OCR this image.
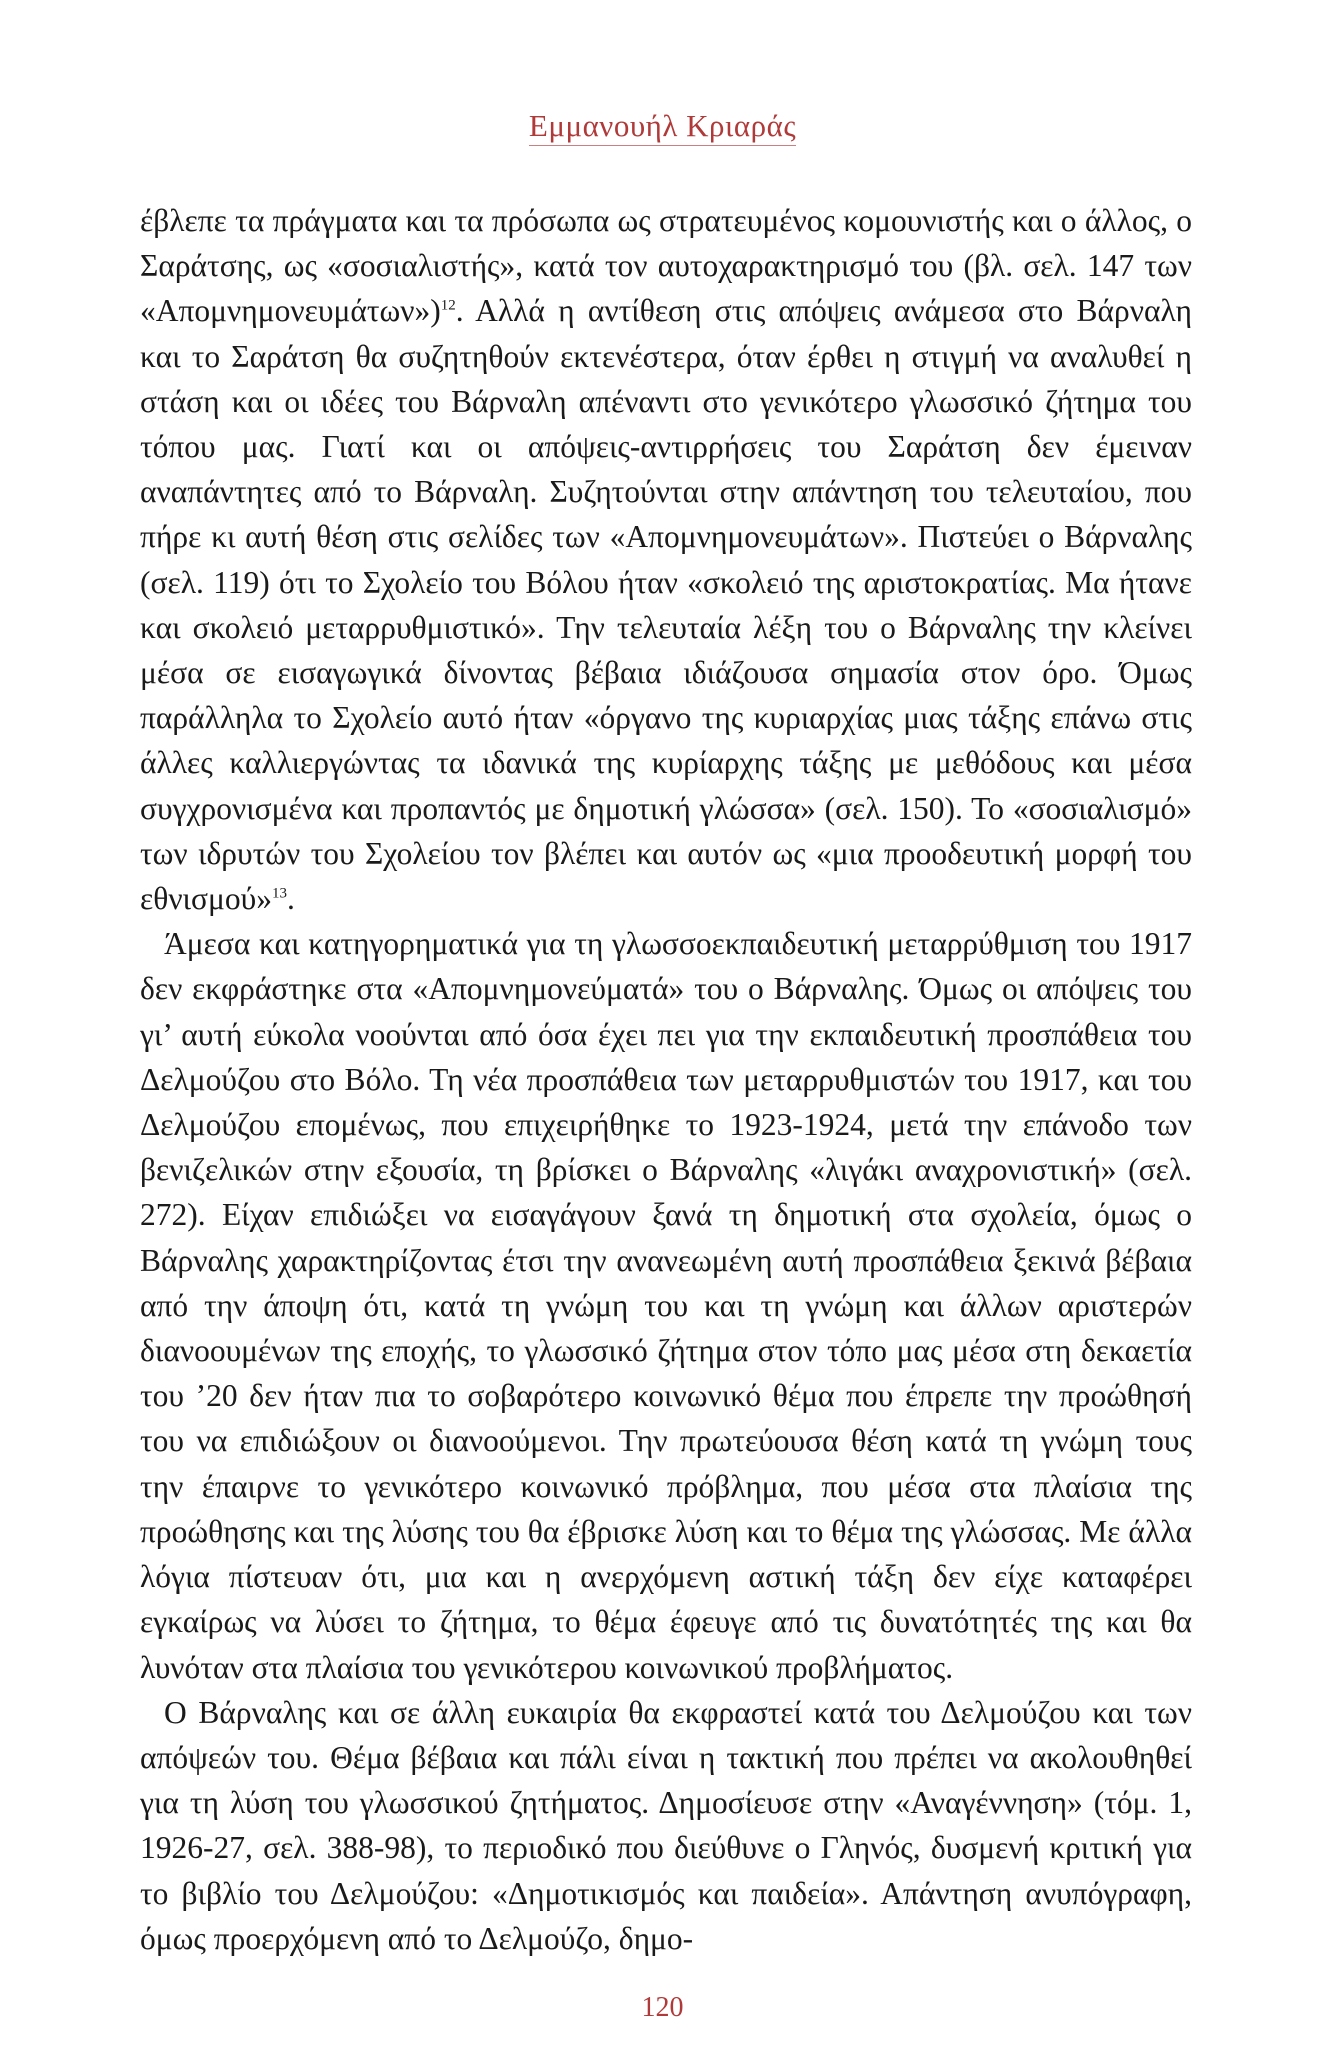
Εμμανουήλ Κριαράς

έβλεπε τα πράγματα και τα πρόσωπα ως στρατευμένος κομουνιστής και ο άλλος, ο Σαράτσης, ως «σοσιαλιστής», κατά τον αυτοχαρακτηρισμό του (βλ. σελ. 147 των «Απομνημονευμάτων»)$^{12}$. Αλλά η αντίθεση στις απόψεις ανάμεσα στο Βάρναλη και το Σαράτση θα συζητηθούν εκτενέστερα, όταν έρθει η στιγμή να αναλυθεί η στάση και οι ιδέες του Βάρναλη απέναντι στο γενικότερο γλωσσικό ζήτημα του τόπου μας. Γιατί και οι απόψεις-αντιρρήσεις του Σαράτση δεν έμειναν αναπάντητες από το Βάρναλη. Συζητούνται στην απάντηση του τελευταίου, που πήρε κι αυτή θέση στις σελίδες των «Απομνημονευμάτων». Πιστεύει ο Βάρναλης (σελ. 119) ότι το Σχολείο του Βόλου ήταν «σκολειό της αριστοκρατίας. Μα ήτανε και σκολειό μεταρρυθμιστικό». Την τελευταία λέξη του ο Βάρναλης την κλείνει μέσα σε εισαγωγικά δίνοντας βέβαια ιδιάζουσα σημασία στον όρο. Όμως παράλληλα το Σχολείο αυτό ήταν «όργανο της κυριαρχίας μιας τάξης επάνω στις άλλες καλλιεργώντας τα ιδανικά της κυρίαρχης τάξης με μεθόδους και μέσα συγχρονισμένα και προπαντός με δημοτική γλώσσα» (σελ. 150). Το «σοσιαλισμό» των ιδρυτών του Σχολείου τον βλέπει και αυτόν ως «μια προοδευτική μορφή του εθνισμού»$^{13}$.

Άμεσα και κατηγορηματικά για τη γλωσσοεκπαιδευτική μεταρρύθμιση του 1917 δεν εκφράστηκε στα «Απομνημονεύματά» του ο Βάρναλης. Όμως οι απόψεις του γι’ αυτή εύκολα νοούνται από όσα έχει πει για την εκπαιδευτική προσπάθεια του Δελμούζου στο Βόλο. Τη νέα προσπάθεια των μεταρρυθμιστών του 1917, και του Δελμούζου επομένως, που επιχειρήθηκε το 1923-1924, μετά την επάνοδο των βενιζελικών στην εξουσία, τη βρίσκει ο Βάρναλης «λιγάκι αναχρονιστική» (σελ. 272). Είχαν επιδιώξει να εισαγάγουν ξανά τη δημοτική στα σχολεία, όμως ο Βάρναλης χαρακτηρίζοντας έτσι την ανανεωμένη αυτή προσπάθεια ξεκινά βέβαια από την άποψη ότι, κατά τη γνώμη του και τη γνώμη και άλλων αριστερών διανοουμένων της εποχής, το γλωσσικό ζήτημα στον τόπο μας μέσα στη δεκαετία του ’20 δεν ήταν πια το σοβαρότερο κοινωνικό θέμα που έπρεπε την προώθησή του να επιδιώξουν οι διανοούμενοι. Την πρωτεύουσα θέση κατά τη γνώμη τους την έπαιρνε το γενικότερο κοινωνικό πρόβλημα, που μέσα στα πλαίσια της προώθησης και της λύσης του θα έβρισκε λύση και το θέμα της γλώσσας. Με άλλα λόγια πίστευαν ότι, μια και η ανερχόμενη αστική τάξη δεν είχε καταφέρει εγκαίρως να λύσει το ζήτημα, το θέμα έφευγε από τις δυνατότητές της και θα λυνόταν στα πλαίσια του γενικότερου κοινωνικού προβλήματος.

Ο Βάρναλης και σε άλλη ευκαιρία θα εκφραστεί κατά του Δελμούζου και των απόψεών του. Θέμα βέβαια και πάλι είναι η τακτική που πρέπει να ακολουθηθεί για τη λύση του γλωσσικού ζητήματος. Δημοσίευσε στην «Αναγέννηση» (τόμ. 1, 1926-27, σελ. 388-98), το περιοδικό που διεύθυνε ο Γληνός, δυσμενή κριτική για το βιβλίο του Δελμούζου: «Δημοτικισμός και παιδεία». Απάντηση ανυπόγραφη, όμως προερχόμενη από το Δελμούζο, δημο-

120
